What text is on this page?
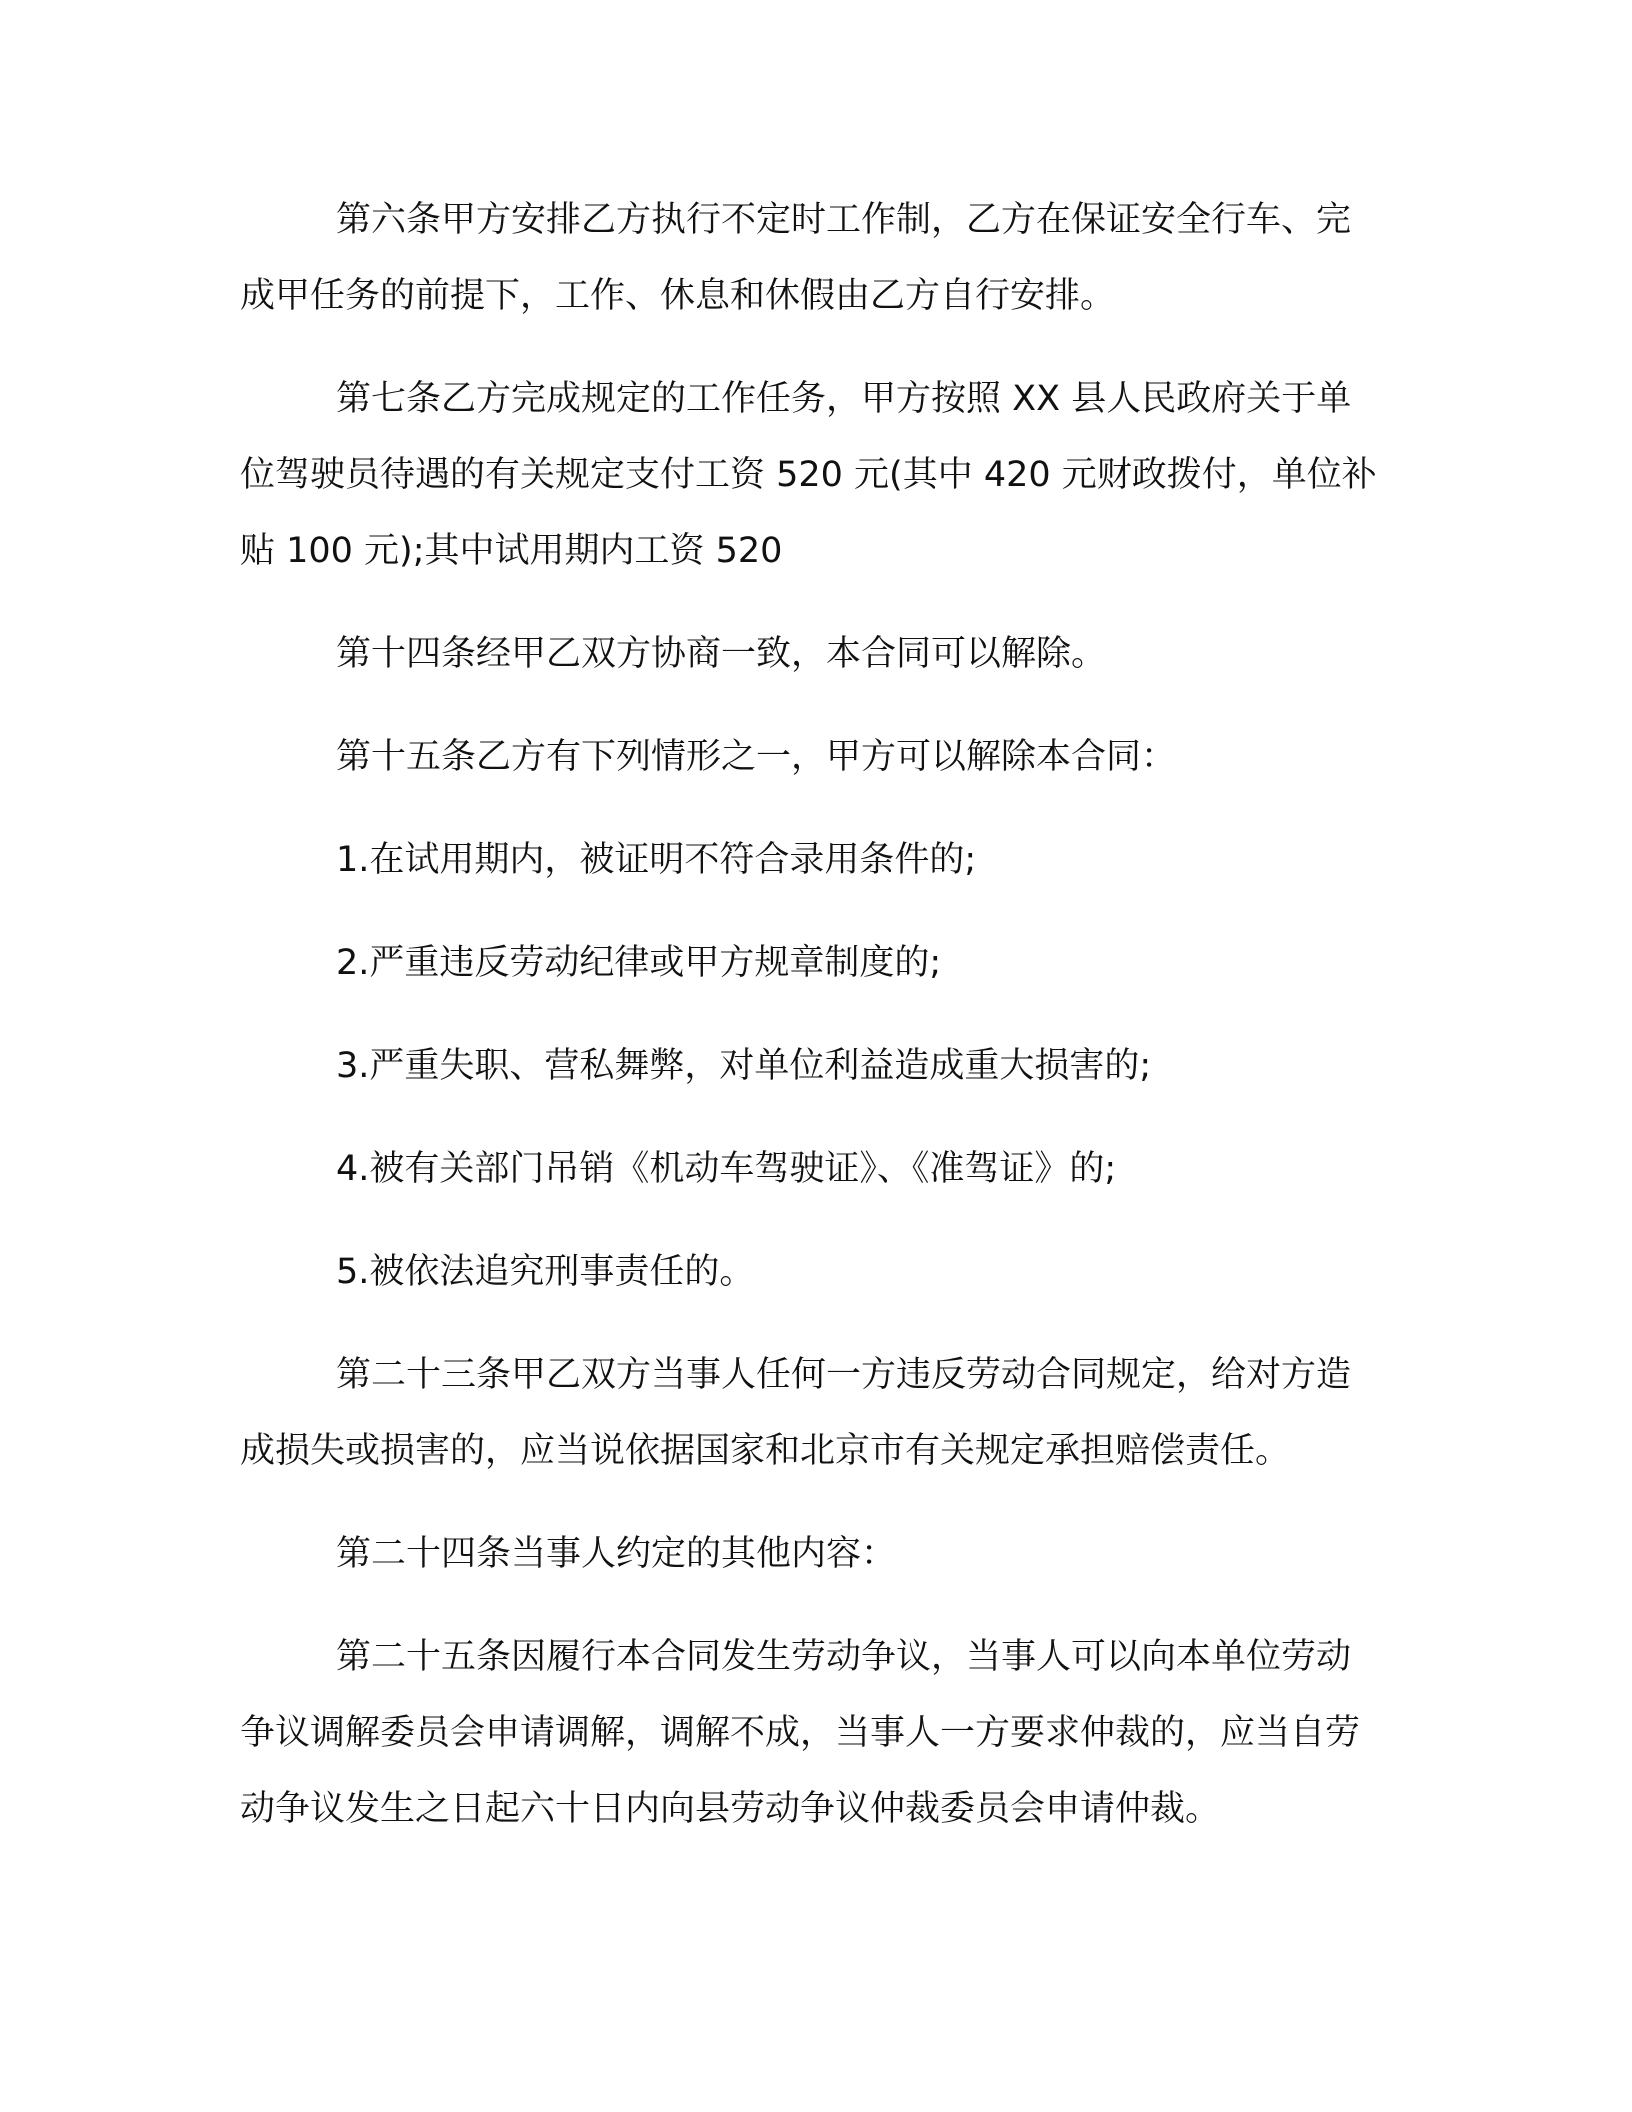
第六条甲方安排乙方执行不定时工作制，乙方在保证安全行车、完成甲任务的前提下，工作、休息和休假由乙方自行安排。

第七条乙方完成规定的工作任务，甲方按照 XX 县人民政府关于单位驾驶员待遇的有关规定支付工资 520 元(其中 420 元财政拨付，单位补贴 100 元);其中试用期内工资 520

第十四条经甲乙双方协商一致，本合同可以解除。

第十五条乙方有下列情形之一，甲方可以解除本合同：

1.在试用期内，被证明不符合录用条件的;

2.严重违反劳动纪律或甲方规章制度的;

3.严重失职、营私舞弊，对单位利益造成重大损害的;

4.被有关部门吊销《机动车驾驶证》、《准驾证》的;

5.被依法追究刑事责任的。

第二十三条甲乙双方当事人任何一方违反劳动合同规定，给对方造成损失或损害的，应当说依据国家和北京市有关规定承担赔偿责任。

第二十四条当事人约定的其他内容：

第二十五条因履行本合同发生劳动争议，当事人可以向本单位劳动争议调解委员会申请调解，调解不成，当事人一方要求仲裁的，应当自劳动争议发生之日起六十日内向县劳动争议仲裁委员会申请仲裁。
